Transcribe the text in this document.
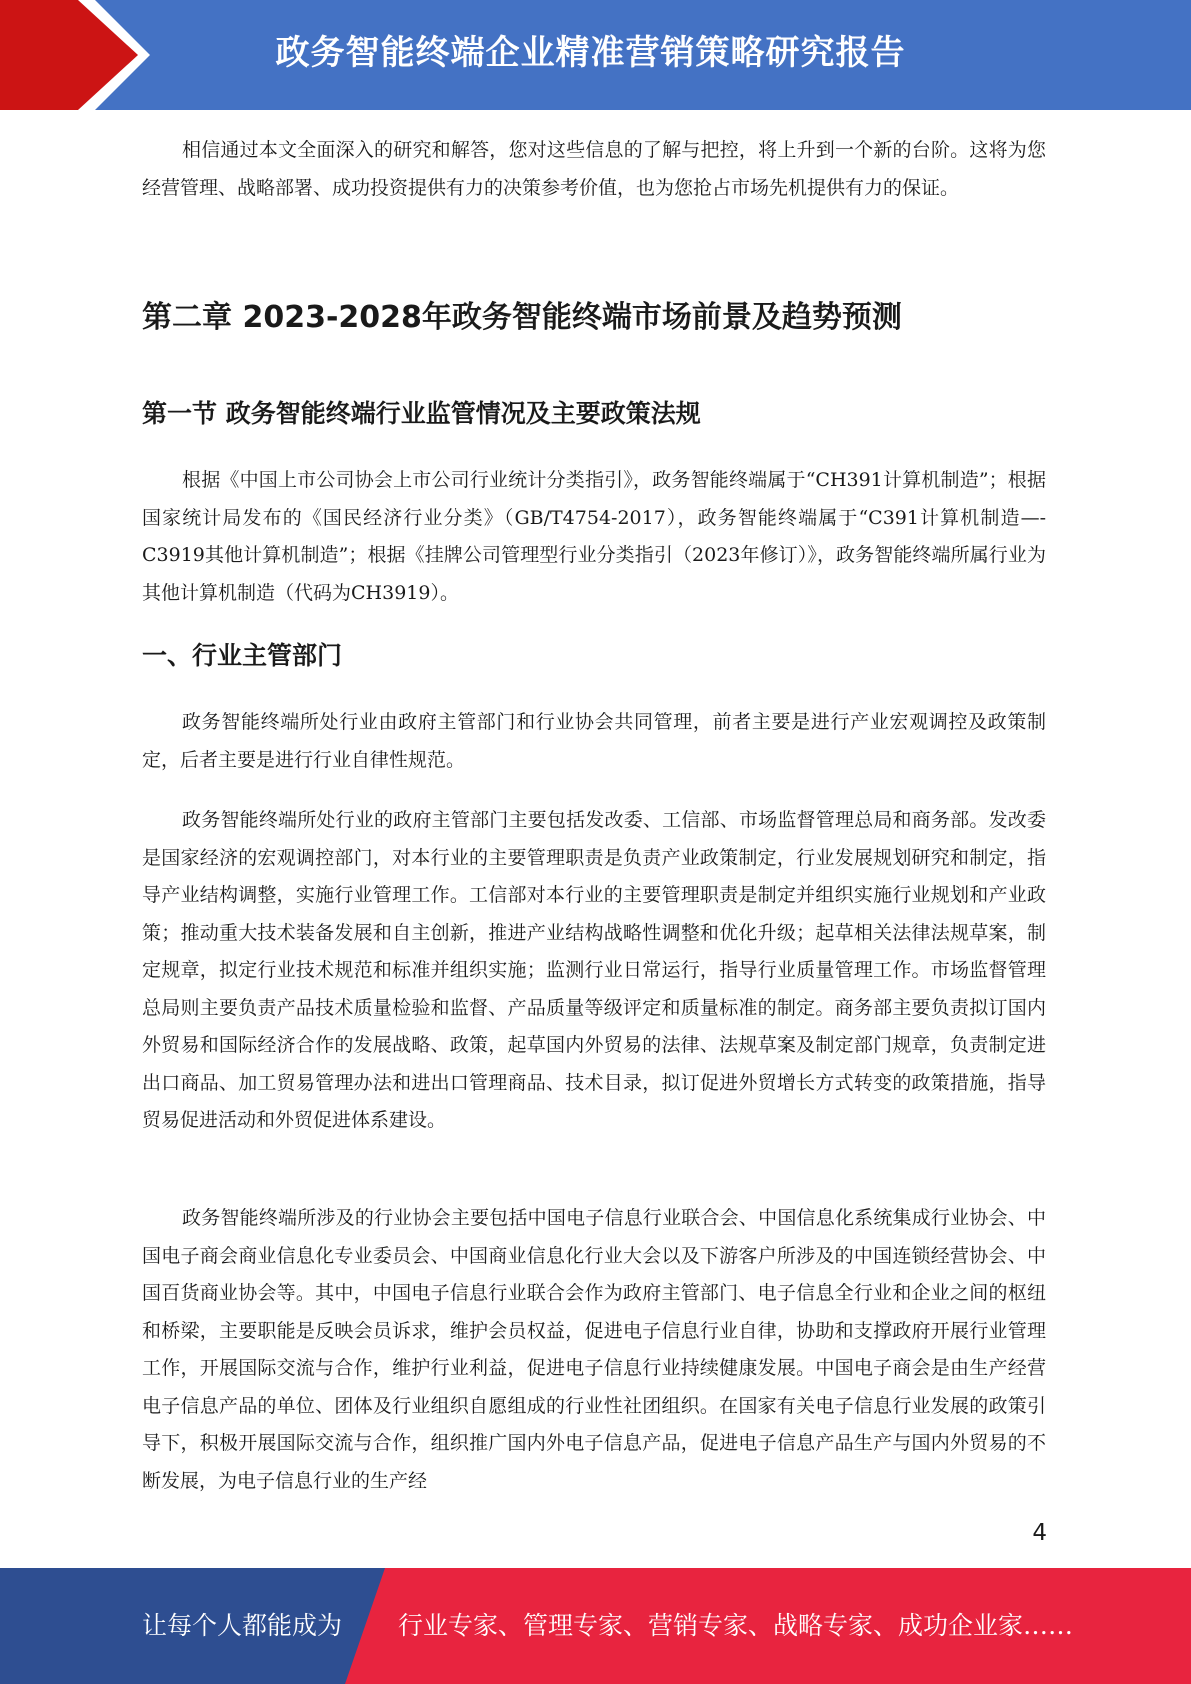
政务智能终端企业精准营销策略研究报告

相信通过本文全面深入的研究和解答，您对这些信息的了解与把控，将上升到一个新的台阶。这将为您经营管理、战略部署、成功投资提供有力的决策参考价值，也为您抢占市场先机提供有力的保证。

第二章 2023-2028年政务智能终端市场前景及趋势预测
第一节 政务智能终端行业监管情况及主要政策法规

根据《中国上市公司协会上市公司行业统计分类指引》，政务智能终端属于“CH391计算机制造”；根据国家统计局发布的《国民经济行业分类》（GB/T4754-2017），政务智能终端属于“C391计算机制造—-C3919其他计算机制造”；根据《挂牌公司管理型行业分类指引（2023年修订）》，政务智能终端所属行业为其他计算机制造（代码为CH3919）。

一、行业主管部门

政务智能终端所处行业由政府主管部门和行业协会共同管理，前者主要是进行产业宏观调控及政策制定，后者主要是进行行业自律性规范。

政务智能终端所处行业的政府主管部门主要包括发改委、工信部、市场监督管理总局和商务部。发改委是国家经济的宏观调控部门，对本行业的主要管理职责是负责产业政策制定，行业发展规划研究和制定，指导产业结构调整，实施行业管理工作。工信部对本行业的主要管理职责是制定并组织实施行业规划和产业政策；推动重大技术装备发展和自主创新，推进产业结构战略性调整和优化升级；起草相关法律法规草案，制定规章，拟定行业技术规范和标准并组织实施；监测行业日常运行，指导行业质量管理工作。市场监督管理总局则主要负责产品技术质量检验和监督、产品质量等级评定和质量标准的制定。商务部主要负责拟订国内外贸易和国际经济合作的发展战略、政策，起草国内外贸易的法律、法规草案及制定部门规章，负责制定进出口商品、加工贸易管理办法和进出口管理商品、技术目录，拟订促进外贸增长方式转变的政策措施，指导贸易促进活动和外贸促进体系建设。

政务智能终端所涉及的行业协会主要包括中国电子信息行业联合会、中国信息化系统集成行业协会、中国电子商会商业信息化专业委员会、中国商业信息化行业大会以及下游客户所涉及的中国连锁经营协会、中国百货商业协会等。其中，中国电子信息行业联合会作为政府主管部门、电子信息全行业和企业之间的枢纽和桥梁，主要职能是反映会员诉求，维护会员权益，促进电子信息行业自律，协助和支撑政府开展行业管理工作，开展国际交流与合作，维护行业利益，促进电子信息行业持续健康发展。中国电子商会是由生产经营电子信息产品的单位、团体及行业组织自愿组成的行业性社团组织。在国家有关电子信息行业发展的政策引导下，积极开展国际交流与合作，组织推广国内外电子信息产品，促进电子信息产品生产与国内外贸易的不断发展，为电子信息行业的生产经

4
让每个人都能成为 行业专家、管理专家、营销专家、战略专家、成功企业家……
